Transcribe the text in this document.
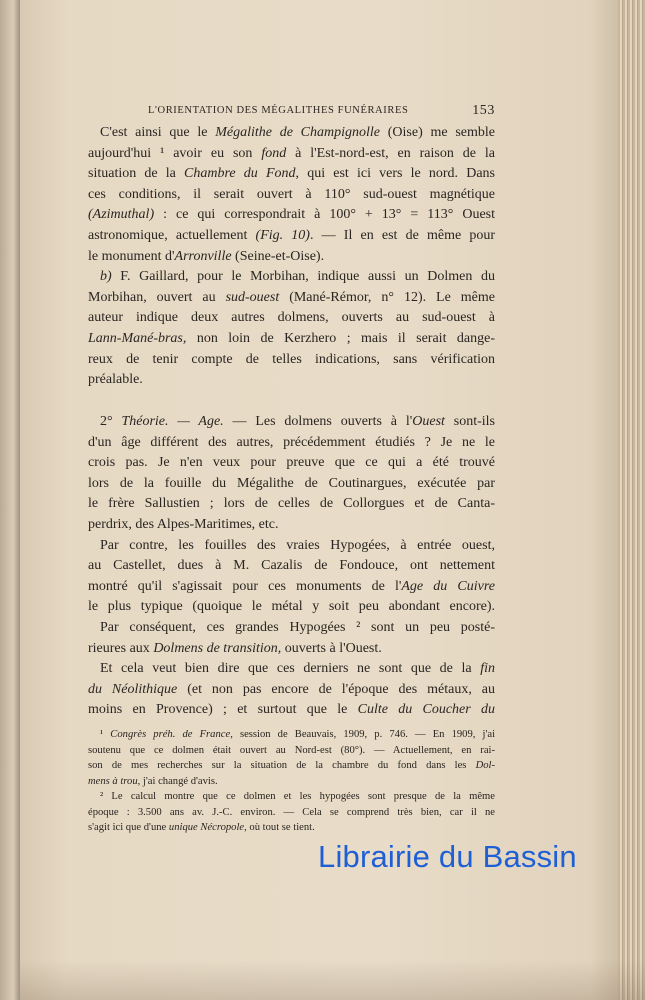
L'ORIENTATION DES MÉGALITHES FUNÉRAIRES	153
C'est ainsi que le Mégalithe de Champignolle (Oise) me semble
aujourd'hui ¹ avoir eu son fond à l'Est-nord-est, en raison de la
situation de la Chambre du Fond, qui est ici vers le nord. Dans
ces conditions, il serait ouvert à 110° sud-ouest magnétique
(Azimuthal) : ce qui correspondrait à 100° + 13° = 113° Ouest
astronomique, actuellement (Fig. 10). — Il en est de même pour
le monument d'Arronville (Seine-et-Oise).
b) F. Gaillard, pour le Morbihan, indique aussi un Dolmen du
Morbihan, ouvert au sud-ouest (Mané-Rémor, n° 12). Le même
auteur indique deux autres dolmens, ouverts au sud-ouest à
Lann-Mané-bras, non loin de Kerzhero ; mais il serait dange-
reux de tenir compte de telles indications, sans vérification
préalable.
2° Théorie. — Age. — Les dolmens ouverts à l'Ouest sont-ils
d'un âge différent des autres, précédemment étudiés ? Je ne le
crois pas. Je n'en veux pour preuve que ce qui a été trouvé
lors de la fouille du Mégalithe de Coutinargues, exécutée par
le frère Sallustien ; lors de celles de Collorgues et de Canta-
perdrix, des Alpes-Maritimes, etc.
Par contre, les fouilles des vraies Hypogées, à entrée ouest,
au Castellet, dues à M. Cazalis de Fondouce, ont nettement
montré qu'il s'agissait pour ces monuments de l'Age du Cuivre
le plus typique (quoique le métal y soit peu abondant encore).
Par conséquent, ces grandes Hypogées ² sont un peu posté-
rieures aux Dolmens de transition, ouverts à l'Ouest.
Et cela veut bien dire que ces derniers ne sont que de la fin
du Néolithique (et non pas encore de l'époque des métaux, au
moins en Provence) ; et surtout que le Culte du Coucher du
¹ Congrès préh. de France, session de Beauvais, 1909, p. 746. — En 1909, j'ai
soutenu que ce dolmen était ouvert au Nord-est (80°). — Actuellement, en rai-
son de mes recherches sur la situation de la chambre du fond dans les Dol-
mens à trou, j'ai changé d'avis.
² Le calcul montre que ce dolmen et les hypogées sont presque de la même
époque : 3.500 ans av. J.-C. environ. — Cela se comprend très bien, car il ne
s'agit ici que d'une unique Nécropole, où tout se tient.
Librairie du Bassin
